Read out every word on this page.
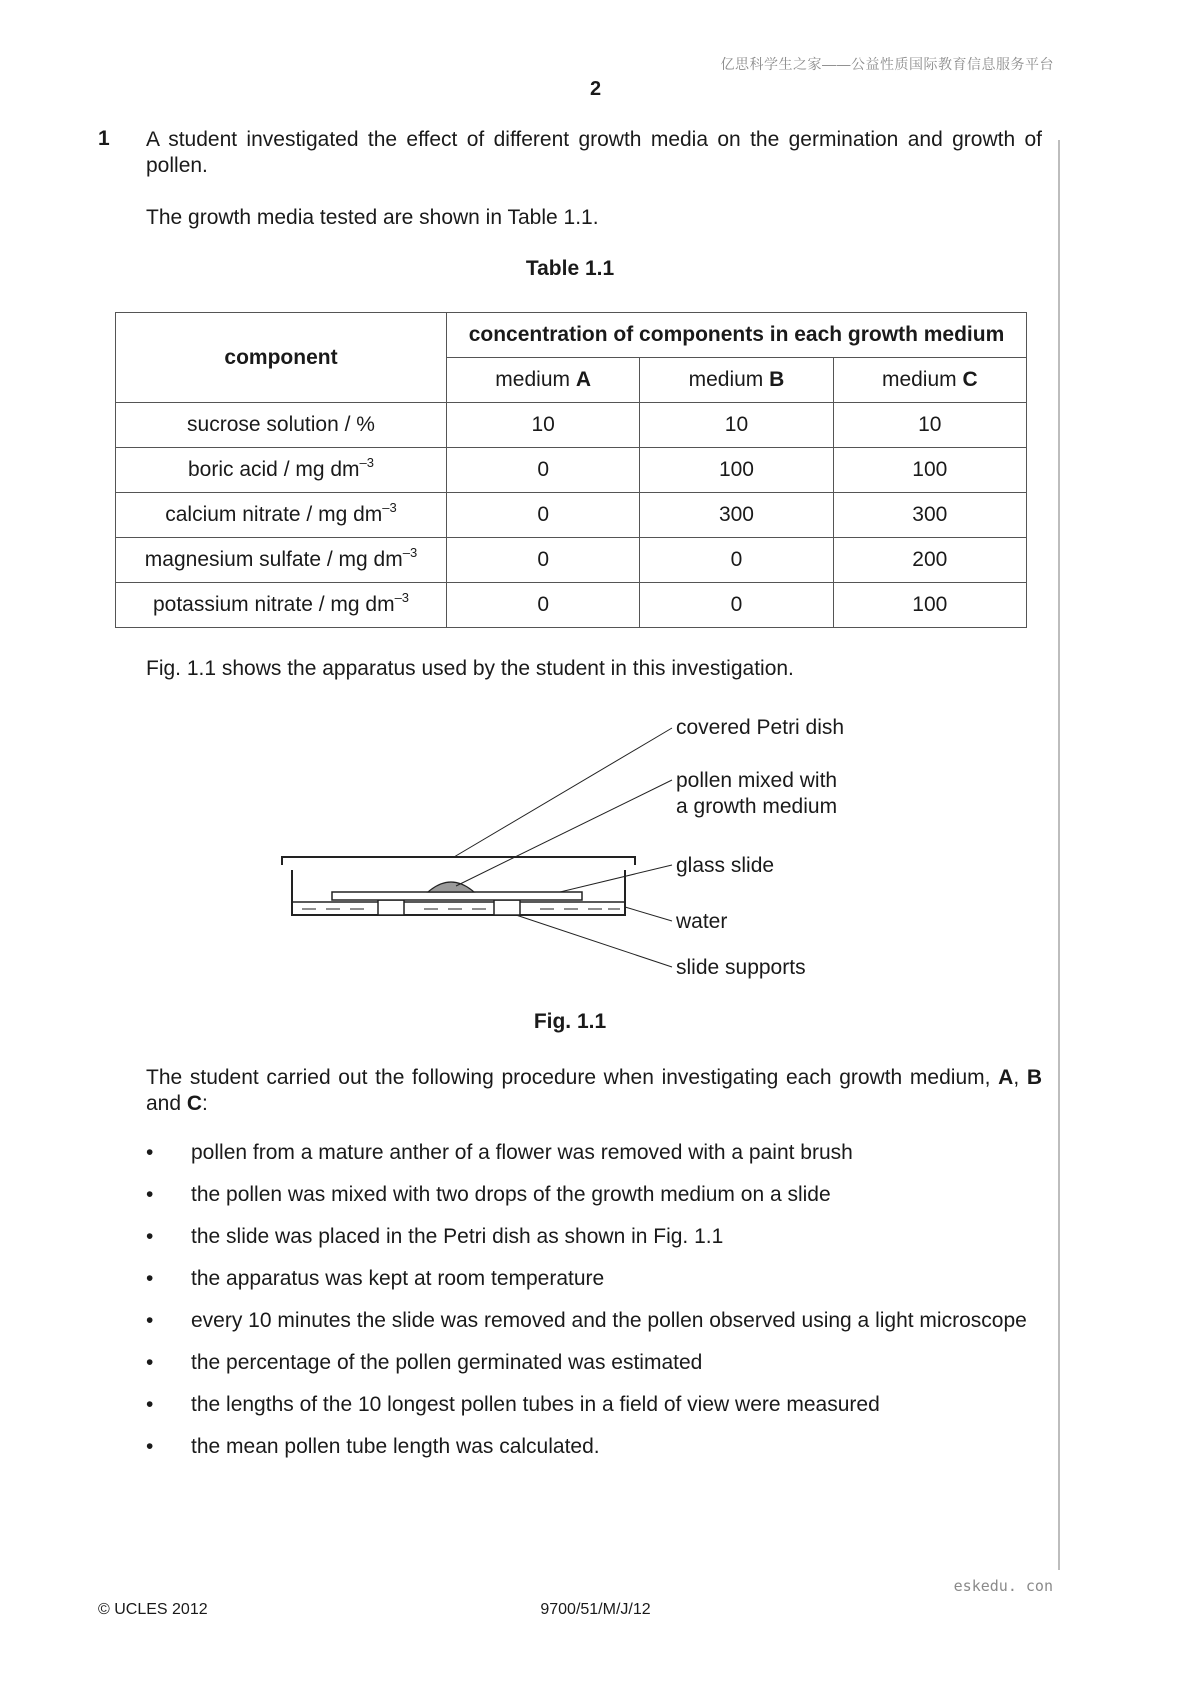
亿思科学生之家——公益性质国际教育信息服务平台
2
1 A student investigated the effect of different growth media on the germination and growth of pollen.
The growth media tested are shown in Table 1.1.
Table 1.1
component	concentration of components in each growth medium		
	medium A	medium B	medium C
sucrose solution / %	10	10	10
boric acid / mg $dm^{-3}$	0	100	100
calcium nitrate / mg $dm^{-3}$	0	300	300
magnesium sulfate / mg $dm^{-3}$	0	0	200
potassium nitrate / mg $dm^{-3}$	0	0	100
Fig. 1.1 shows the apparatus used by the student in this investigation.
covered Petri dish
pollen mixed with
a growth medium
glass slide
water
slide supports
Fig. 1.1
The student carried out the following procedure when investigating each growth medium, A, B and C:
• pollen from a mature anther of a flower was removed with a paint brush
• the pollen was mixed with two drops of the growth medium on a slide
• the slide was placed in the Petri dish as shown in Fig. 1.1
• the apparatus was kept at room temperature
• every 10 minutes the slide was removed and the pollen observed using a light microscope
• the percentage of the pollen germinated was estimated
• the lengths of the 10 longest pollen tubes in a field of view were measured
• the mean pollen tube length was calculated.
eskedu. con
© UCLES 2012	9700/51/M/J/12
